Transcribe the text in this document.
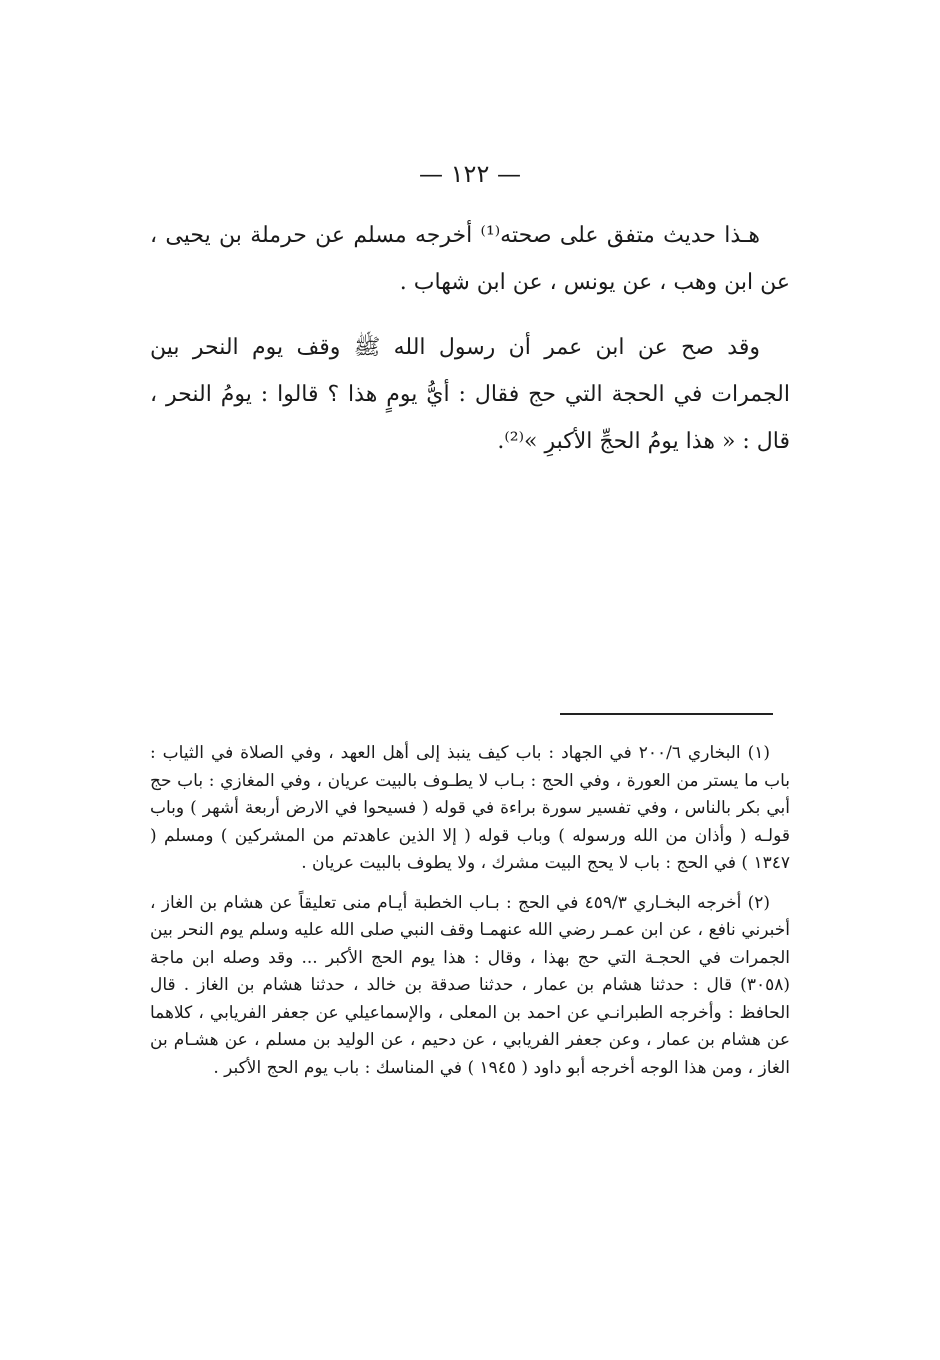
— ١٢٢ —

هـذا حديث متفق على صحته⁽¹⁾ أخرجه مسلم عن حرملة بن يحيى ، عن ابن وهب ، عن يونس ، عن ابن شهاب .

وقد صح عن ابن عمر أن رسول الله ﷺ وقف يوم النحر بين الجمرات في الحجة التي حج فقال : أيُّ يومٍ هذا ؟ قالوا : يومُ النحر ، قال : « هذا يومُ الحجِّ الأكبرِ »⁽²⁾.

(١) البخاري ٢٠٠/٦ في الجهاد : باب كيف ينبذ إلى أهل العهد ، وفي الصلاة في الثياب : باب ما يستر من العورة ، وفي الحج : بـاب لا يطـوف بالبيت عريان ، وفي المغازي : باب حج أبي بكر بالناس ، وفي تفسير سورة براءة في قوله ( فسيحوا في الارض أربعة أشهر ) وباب قولـه ( وأذان من الله ورسوله ) وباب قوله ( إلا الذين عاهدتم من المشركين ) ومسلم ( ١٣٤٧ ) في الحج : باب لا يحج البيت مشرك ، ولا يطوف بالبيت عريان .

(٢) أخرجه البخـاري ٤٥٩/٣ في الحج : بـاب الخطبة أيـام منى تعليقاً عن هشام بن الغاز ، أخبرني نافع ، عن ابن عمـر رضي الله عنهمـا وقف النبي صلى الله عليه وسلم يوم النحر بين الجمرات في الحجـة التي حج بهذا ، وقال : هذا يوم الحج الأكبر ... وقد وصله ابن ماجة (٣٠٥٨) قال : حدثنا هشام بن عمار ، حدثنا صدقة بن خالد ، حدثنا هشام بن الغاز . قال الحافظ : وأخرجه الطبرانـي عن احمد بن المعلى ، والإسماعيلي عن جعفر الفريابي ، كلاهما عن هشام بن عمار ، وعن جعفر الفريابي ، عن دحيم ، عن الوليد بن مسلم ، عن هشـام بن الغاز ، ومن هذا الوجه أخرجه أبو داود ( ١٩٤٥ ) في المناسك : باب يوم الحج الأكبر .
